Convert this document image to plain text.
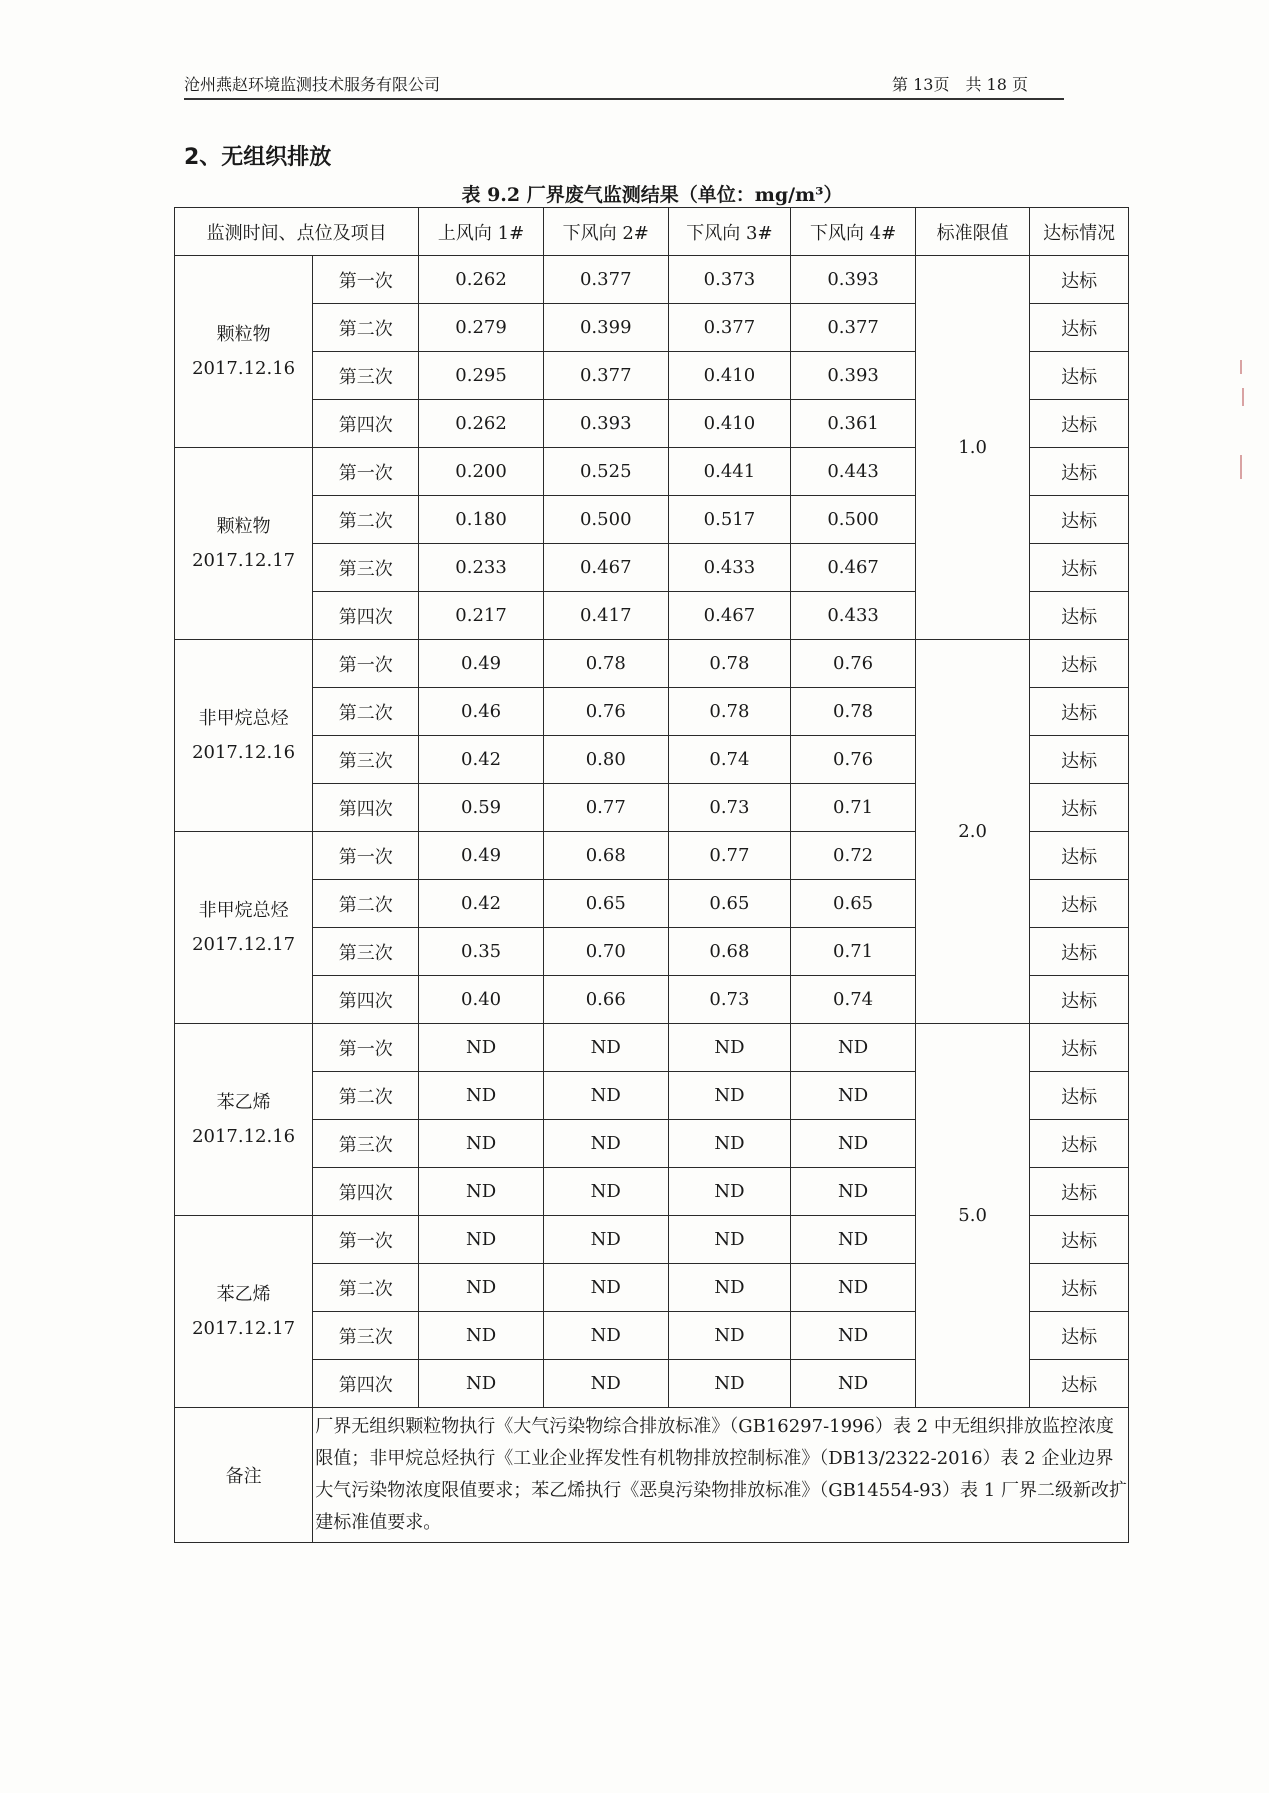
沧州燕赵环境监测技术服务有限公司	第 13页　共 18 页
2、无组织排放
表 9.2 厂界废气监测结果（单位：mg/m³）
监测时间、点位及项目		上风向 1#	下风向 2#	下风向 3#	下风向 4#	标准限值	达标情况

颗粒物
2017.12.16	第一次	0.262	0.377	0.373	0.393	1.0	达标
	第二次	0.279	0.399	0.377	0.377		达标
	第三次	0.295	0.377	0.410	0.393		达标
	第四次	0.262	0.393	0.410	0.361		达标

颗粒物
2017.12.17	第一次	0.200	0.525	0.441	0.443		达标
	第二次	0.180	0.500	0.517	0.500		达标
	第三次	0.233	0.467	0.433	0.467		达标
	第四次	0.217	0.417	0.467	0.433		达标

非甲烷总烃
2017.12.16	第一次	0.49	0.78	0.78	0.76	2.0	达标
	第二次	0.46	0.76	0.78	0.78		达标
	第三次	0.42	0.80	0.74	0.76		达标
	第四次	0.59	0.77	0.73	0.71		达标

非甲烷总烃
2017.12.17	第一次	0.49	0.68	0.77	0.72		达标
	第二次	0.42	0.65	0.65	0.65		达标
	第三次	0.35	0.70	0.68	0.71		达标
	第四次	0.40	0.66	0.73	0.74		达标

苯乙烯
2017.12.16	第一次	ND	ND	ND	ND	5.0	达标
	第二次	ND	ND	ND	ND		达标
	第三次	ND	ND	ND	ND		达标
	第四次	ND	ND	ND	ND		达标

苯乙烯
2017.12.17	第一次	ND	ND	ND	ND		达标
	第二次	ND	ND	ND	ND		达标
	第三次	ND	ND	ND	ND		达标
	第四次	ND	ND	ND	ND		达标
备注	厂界无组织颗粒物执行《大气污染物综合排放标准》（GB16297-1996）表 2 中无组织排放监控浓度限值；非甲烷总烃执行《工业企业挥发性有机物排放控制标准》（DB13/2322-2016）表 2 企业边界大气污染物浓度限值要求；苯乙烯执行《恶臭污染物排放标准》（GB14554-93）表 1 厂界二级新改扩建标准值要求。						
